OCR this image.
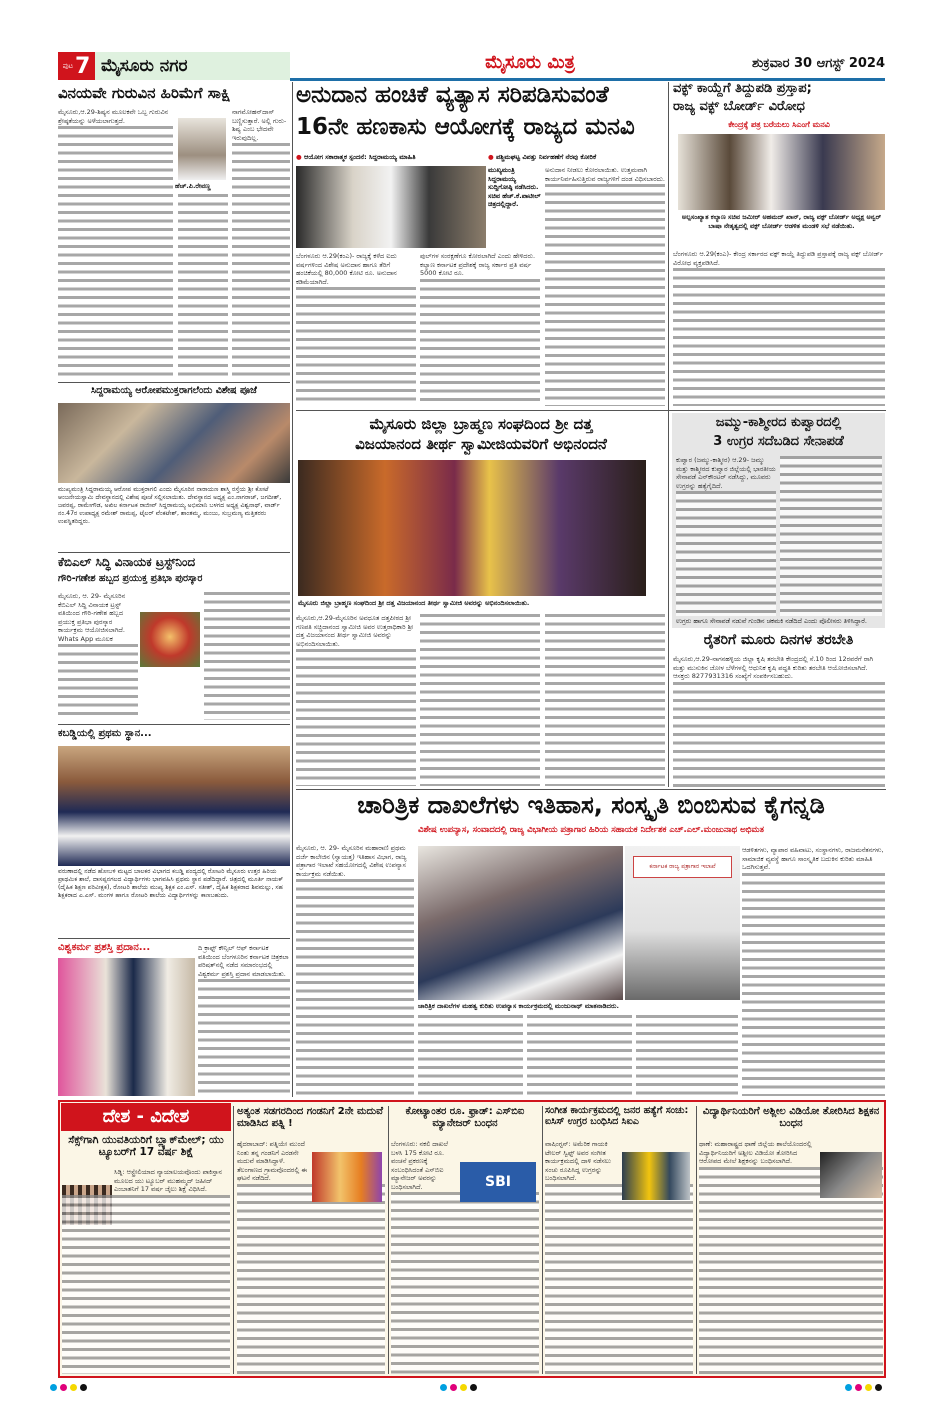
ಪುಟ 7 ಮೈಸೂರು ನಗರ	ಮೈಸೂರು ಮಿತ್ರ	ಶುಕ್ರವಾರ 30 ಆಗಸ್ಟ್ 2024
ವಿನಯವೇ ಗುರುವಿನ ಹಿರಿಮೆಗೆ ಸಾಕ್ಷಿ

ಮೈಸೂರು,ಆ.29-ಶಿಷ್ಯನ ಮೂಲಕವೇ ಒಬ್ಬ ಗುರುವಿನ ಶ್ರೇಷ್ಠತೆಯನ್ನು ಅಳೆಯಲಾಗುತ್ತದೆ.

ಹೆಚ್.ಪಿ.ರೇವಣ್ಣ

ನಾಗಮೋಹನ್‌ದಾಸ್ ಬಣ್ಣಿಸುತ್ತಾರೆ. ಅಲ್ಲಿ ಗುರು-ಶಿಷ್ಯ ಎಂಬ ಭೇದವೇ ಇರುವುದಿಲ್ಲ.

ಸಿದ್ದರಾಮಯ್ಯ ಆರೋಪಮುಕ್ತರಾಗಲೆಂದು ವಿಶೇಷ ಪೂಜೆ
ಮುಖ್ಯಮಂತ್ರಿ ಸಿದ್ದರಾಮಯ್ಯ ಆರೋಪ ಮುಕ್ತರಾಗಲಿ ಎಂದು ಮೈಸೂರಿನ ನಾರಾಯಣ ಶಾಸ್ತ್ರಿ ರಸ್ತೆಯ ಶ್ರೀ ಕೋಟೆ ಆಂಜನೇಯಸ್ವಾಮಿ ದೇವಸ್ಥಾನದಲ್ಲಿ ವಿಶೇಷ ಪೂಜೆ ಸಲ್ಲಿಸಲಾಯಿತು. ದೇವಸ್ಥಾನದ ಅಧ್ಯಕ್ಷ ಎಂ.ನಾಗರಾಜ್, ಜಗದೀಶ್, ಜವರಪ್ಪ, ರಾಮೇಗೌಡ, ಅಖಿಲ ಕರ್ನಾಟಕ ರಾಜೀವ್ ಸಿದ್ದರಾಮಯ್ಯ ಅಭಿಮಾನಿ ಬಳಗದ ಅಧ್ಯಕ್ಷ ವಿಶ್ವನಾಥ್, ವಾರ್ಡ್ ನಂ.47ರ ಉಪಾಧ್ಯಕ್ಷ ರಮೇಶ್ ರಾಮಪ್ಪ, ಟೈಲರ್ ವೆಂಕಟೇಶ್, ಶಾಂತಮ್ಮ, ಮಂಜು, ಸುಬ್ರಮಣ್ಯ ಮತ್ತಿತರರು ಉಪಸ್ಥಿತರಿದ್ದರು.
ಕೆಬಿಎಲ್ ಸಿದ್ಧಿ ವಿನಾಯಕ ಟ್ರಸ್ಟ್‌ನಿಂದ
ಗೌರಿ-ಗಣೇಶ ಹಬ್ಬದ ಪ್ರಯುಕ್ತ ಪ್ರತಿಭಾ ಪುರಸ್ಕಾರ

ಮೈಸೂರು, ಆ. 29- ಮೈಸೂರಿನ ಕೆಬಿಎಲ್ ಸಿದ್ಧಿ ವಿನಾಯಕ ಟ್ರಸ್ಟ್ ವತಿಯಿಂದ ಗೌರಿ-ಗಣೇಶ ಹಬ್ಬದ ಪ್ರಯುಕ್ತ ಪ್ರತಿಭಾ ಪುರಸ್ಕಾರ ಕಾರ್ಯಕ್ರಮ ಆಯೋಜಿಸಲಾಗಿದೆ. Whats App ಮೂಲಕ

ಕಬಡ್ಡಿಯಲ್ಲಿ ಪ್ರಥಮ ಸ್ಥಾನ...
ವರುಣಾದಲ್ಲಿ ನಡೆದ ಹೋಬಳಿ ಮಟ್ಟದ ಬಾಲಕರ ವಿಭಾಗದ ಕಬಡ್ಡಿ ಪಂದ್ಯದಲ್ಲಿ ರೋಟರಿ ಮೈಸೂರು ಉತ್ತರ ಹಿರಿಯ ಪ್ರಾಥಮಿಕ ಶಾಲೆ, ದಾಸಪ್ಪನಗಲದ ವಿದ್ಯಾರ್ಥಿಗಳು ಭಾಗವಹಿಸಿ ಪ್ರಥಮ ಸ್ಥಾನ ಪಡೆದಿದ್ದಾರೆ. ಚಿತ್ರದಲ್ಲಿ ಮೂರ್ತಿ ನಾಯಕ್ (ದೈಹಿಕ ಶಿಕ್ಷಣ ಪರಿವೀಕ್ಷಕ), ರೋಟರಿ ಶಾಲೆಯ ಮುಖ್ಯ ಶಿಕ್ಷಕ ಎಂ.ಎಸ್. ಸತೀಶ್, ದೈಹಿಕ ಶಿಕ್ಷಕರಾದ ಶಿವಮಲ್ಲು, ಸಹ ಶಿಕ್ಷಕರಾದ ಎ.ಎಸ್. ಮಂಗಳ ಹಾಗೂ ರೋಟರಿ ಶಾಲೆಯ ವಿದ್ಯಾರ್ಥಿಗಳನ್ನು ಕಾಣಬಹುದು.
ವಿಶ್ವಕರ್ಮ ಪ್ರಶಸ್ತಿ ಪ್ರದಾನ...	ದಿ ಕ್ರಾಫ್ಟ್ ಕೌನ್ಸಿಲ್ ಆಫ್ ಕರ್ನಾಟಕ ವತಿಯಿಂದ ಬೆಂಗಳೂರಿನ ಕರ್ನಾಟಕ ಚಿತ್ರಕಲಾ ಪರಿಷತ್‌ನಲ್ಲಿ ನಡೆದ ಸಮಾರಂಭದಲ್ಲಿ ವಿಶ್ವಕರ್ಮ ಪ್ರಶಸ್ತಿ ಪ್ರದಾನ ಮಾಡಲಾಯಿತು.

ಅನುದಾನ ಹಂಚಿಕೆ ವ್ಯತ್ಯಾಸ ಸರಿಪಡಿಸುವಂತೆ
16ನೇ ಹಣಕಾಸು ಆಯೋಗಕ್ಕೆ ರಾಜ್ಯದ ಮನವಿ
● ಆಯೋಗ ಸಕಾರಾತ್ಮಕ ಸ್ಪಂದನೆ: ಸಿದ್ದರಾಮಯ್ಯ ಮಾಹಿತಿ	● ಪಶ್ಚಿಮಘಟ್ಟ ವಿಪತ್ತು ನಿರ್ವಹಣೆಗೆ ನೆರವು ಕೋರಿಕೆ
ಮುಖ್ಯಮಂತ್ರಿ ಸಿದ್ದರಾಮಯ್ಯ ಸುದ್ದಿಗೋಷ್ಠಿ ನಡೆಸಿದರು. ಸಚಿವ ಹೆಚ್.ಕೆ.ಪಾಟೀಲ್ ಚಿತ್ರದಲ್ಲಿದ್ದಾರೆ.

ಬೆಂಗಳೂರು ಆ.29(ಕಂಎ)- ರಾಜ್ಯಕ್ಕೆ ಕಳೆದ ಐದು ವರ್ಷಗಳಿಂದ ವಿಶೇಷ ಅನುದಾನ ಹಾಗೂ ತೆರಿಗೆ ಹಂಚಿಕೆಯಲ್ಲಿ 80,000 ಕೋಟಿ ರೂ. ಅನುದಾನ ಕಡಿಮೆಯಾಗಿದೆ.

ಪುಲ್‌ಗಳ ಸಂರಕ್ಷಣೆಗೂ ಕೋರಲಾಗಿದೆ ಎಂದು ಹೇಳಿದರು. ಕಲ್ಯಾಣ ಕರ್ನಾಟಕ ಪ್ರದೇಶಕ್ಕೆ ರಾಜ್ಯ ಸರ್ಕಾರ ಪ್ರತಿ ವರ್ಷ 5000 ಕೋಟಿ ರೂ.

ಅನುದಾನ ನೀಡಲು ಕೋರಲಾಯಿತು. ಉತ್ತಮವಾಗಿ ಕಾರ್ಯನಿರ್ವಹಿಸುತ್ತಿರುವ ರಾಜ್ಯಗಳಿಗೆ ದಂಡ ವಿಧಿಸಬಾರದು.

ಮೈಸೂರು ಜಿಲ್ಲಾ ಬ್ರಾಹ್ಮಣ ಸಂಘದಿಂದ ಶ್ರೀ ದತ್ತ
ವಿಜಯಾನಂದ ತೀರ್ಥ ಸ್ವಾಮೀಜಿಯವರಿಗೆ ಅಭಿನಂದನೆ
ಮೈಸೂರು ಜಿಲ್ಲಾ ಬ್ರಾಹ್ಮಣ ಸಂಘದಿಂದ ಶ್ರೀ ದತ್ತ ವಿಜಯಾನಂದ ತೀರ್ಥ ಸ್ವಾಮೀಜಿ ಅವರನ್ನು ಅಭಿನಂದಿಸಲಾಯಿತು.

ಮೈಸೂರು,ಆ.29-ಮೈಸೂರಿನ ಅವಧೂತ ದತ್ತಪೀಠದ ಶ್ರೀ ಗಣಪತಿ ಸಚ್ಚಿದಾನಂದ ಸ್ವಾಮೀಜಿ ಅವರ ಉತ್ತರಾಧಿಕಾರಿ ಶ್ರೀ ದತ್ತ ವಿಜಯಾನಂದ ತೀರ್ಥ ಸ್ವಾಮೀಜಿ ಅವರನ್ನು ಅಭಿನಂದಿಸಲಾಯಿತು.

ವಕ್ಫ್ ಕಾಯ್ದೆಗೆ ತಿದ್ದುಪಡಿ ಪ್ರಸ್ತಾಪ;
ರಾಜ್ಯ ವಕ್ಫ್ ಬೋರ್ಡ್ ವಿರೋಧ
ಕೇಂದ್ರಕ್ಕೆ ಪತ್ರ ಬರೆಯಲು ಸಿಎಂಗೆ ಮನವಿ
ಅಲ್ಪಸಂಖ್ಯಾತ ಕಲ್ಯಾಣ ಸಚಿವ ಜಮೀರ್ ಅಹಮದ್ ಖಾನ್, ರಾಜ್ಯ ವಕ್ಫ್ ಬೋರ್ಡ್ ಅಧ್ಯಕ್ಷ ಅನ್ವರ್ ಬಾಷಾ ನೇತೃತ್ವದಲ್ಲಿ ವಕ್ಫ್ ಬೋರ್ಡ್ ಆಡಳಿತ ಮಂಡಳಿ ಸಭೆ ನಡೆಯಿತು.

ಬೆಂಗಳೂರು ಆ.29(ಕಂಎ)- ಕೇಂದ್ರ ಸರ್ಕಾರದ ವಕ್ಫ್ ಕಾಯ್ದೆ ತಿದ್ದುಪಡಿ ಪ್ರಸ್ತಾಪಕ್ಕೆ ರಾಜ್ಯ ವಕ್ಫ್ ಬೋರ್ಡ್ ವಿರೋಧ ವ್ಯಕ್ತಪಡಿಸಿದೆ.

ಜಮ್ಮು-ಕಾಶ್ಮೀರದ ಕುಪ್ವಾರದಲ್ಲಿ
3 ಉಗ್ರರ ಸದೆಬಡಿದ ಸೇನಾಪಡೆ

ಕುಪ್ವಾರ (ಜಮ್ಮು-ಕಾಶ್ಮೀರ) ಆ.29- ಜಮ್ಮು ಮತ್ತು ಕಾಶ್ಮೀರದ ಕುಪ್ವಾರ ಜಿಲ್ಲೆಯಲ್ಲಿ ಭಾರತೀಯ ಸೇನಾಪಡೆ ಎನ್‌ಕೌಂಟರ್ ನಡೆಸಿದ್ದು, ಮೂವರು ಉಗ್ರರನ್ನು ಹತ್ಯೆಗೈದಿದೆ.

ಉಗ್ರರು ಹಾಗೂ ಸೇನಾಪಡೆ ನಡುವೆ ಗುಂಡಿನ ಚಕಮಕಿ ನಡೆದಿದೆ ಎಂದು ಪೊಲೀಸರು ತಿಳಿಸಿದ್ದಾರೆ.
ರೈತರಿಗೆ ಮೂರು ದಿನಗಳ ತರಬೇತಿ

ಮೈಸೂರು,ಆ.29-ನಾಗನಹಳ್ಳಿಯ ಜಿಲ್ಲಾ ಕೃಷಿ ತರಬೇತಿ ಕೇಂದ್ರದಲ್ಲಿ ಸೆ.10 ರಿಂದ 12ರವರೆಗೆ ರಾಗಿ ಮತ್ತು ಮುಸುಕಿನ ಜೋಳ ಬೆಳೆಗಳಲ್ಲಿ ಆಧುನಿಕ ಕೃಷಿ ಪದ್ಧತಿ ಕುರಿತು ತರಬೇತಿ ಆಯೋಜಿಸಲಾಗಿದೆ. ಆಸಕ್ತರು 8277931316 ಸಂಖ್ಯೆಗೆ ಸಂಪರ್ಕಿಸಬಹುದು.

ಚಾರಿತ್ರಿಕ ದಾಖಲೆಗಳು ಇತಿಹಾಸ, ಸಂಸ್ಕೃತಿ ಬಿಂಬಿಸುವ ಕೈಗನ್ನಡಿ
ವಿಶೇಷ ಉಪನ್ಯಾಸ, ಸಂವಾದದಲ್ಲಿ ರಾಜ್ಯ ವಿಭಾಗೀಯ ಪತ್ರಾಗಾರ ಹಿರಿಯ ಸಹಾಯಕ ನಿರ್ದೇಶಕ ಎಚ್.ಎಲ್.ಮಂಜುನಾಥ ಅಭಿಮತ

ಮೈಸೂರು, ಆ. 29- ಮೈಸೂರಿನ ಮಹಾರಾಣಿ ಪ್ರಥಮ ದರ್ಜೆ ಕಾಲೇಜಿನ (ಸ್ವಾಯತ್ತ) ಇತಿಹಾಸ ವಿಭಾಗ, ರಾಜ್ಯ ಪತ್ರಾಗಾರ ಇಲಾಖೆ ಸಹಯೋಗದಲ್ಲಿ ವಿಶೇಷ ಉಪನ್ಯಾಸ ಕಾರ್ಯಕ್ರಮ ನಡೆಯಿತು.

ಕರ್ನಾಟಕ ರಾಜ್ಯ ಪತ್ರಾಗಾರ ಇಲಾಖೆ
ಚಾರಿತ್ರಿಕ ದಾಖಲೆಗಳ ಮಹತ್ವ ಕುರಿತು ಉಪನ್ಯಾಸ ಕಾರ್ಯಕ್ರಮದಲ್ಲಿ ಮಂಜುನಾಥ್ ಮಾತನಾಡಿದರು.

ಆಡಳಿತಗಳು, ವ್ಯಾಪಾರ ವಹಿವಾಟು, ಸಂಸ್ಥಾನಗಳು, ರಾಜಮನೆತನಗಳು, ಸಾಮಾಜಿಕ ವ್ಯವಸ್ಥೆ ಹಾಗೂ ಸಾಂಸ್ಕೃತಿಕ ಬದುಕಿನ ಕುರಿತು ಮಾಹಿತಿ ಒದಗಿಸುತ್ತವೆ.

ದೇಶ - ವಿದೇಶ
ಸೆಕ್ಸ್‌ಗಾಗಿ ಯುವತಿಯರಿಗೆ ಬ್ಲ್ಯಾಕ್‌ಮೇಲ್; ಯು ಟ್ಯೂಬರ್‌ಗೆ 17 ವರ್ಷ ಶಿಕ್ಷೆ

ಸಿಡ್ನಿ: ಆಸ್ಟ್ರೇಲಿಯಾದ ನ್ಯಾಯಾಲಯವೊಂದು ಪಾಕಿಸ್ತಾನ ಮೂಲದ ಯು ಟ್ಯೂಬರ್ ಮುಹಮ್ಮದ್ ಜಹೀದ್ ಎಂಬಾತನಿಗೆ 17 ವರ್ಷ ಜೈಲು ಶಿಕ್ಷೆ ವಿಧಿಸಿದೆ.

ಅತ್ಯಂತ ಸಡಗರದಿಂದ ಗಂಡನಿಗೆ 2ನೇ ಮದುವೆ ಮಾಡಿಸಿದ ಪತ್ನಿ !

ಹೈದರಾಬಾದ್: ಪತ್ನಿಯೇ ಮುಂದೆ ನಿಂತು ತನ್ನ ಗಂಡನಿಗೆ ಎರಡನೇ ಮದುವೆ ಮಾಡಿಸಿದ್ದಾಳೆ. ತೆಲಂಗಾಣದ ಗ್ರಾಮವೊಂದರಲ್ಲಿ ಈ ಘಟನೆ ನಡೆದಿದೆ.

ಕೋಟ್ಯಾಂತರ ರೂ. ಫ್ರಾಡ್: ಎಸ್‌ಬಿಐ ಮ್ಯಾನೇಜರ್ ಬಂಧನ

ಬೆಂಗಳೂರು: ನಕಲಿ ದಾಖಲೆ ಬಳಸಿ 175 ಕೋಟಿ ರೂ. ವಂಚನೆ ಪ್ರಕರಣಕ್ಕೆ ಸಂಬಂಧಿಸಿದಂತೆ ಎಸ್‌ಬಿಐ ಮ್ಯಾನೇಜರ್ ಅವರನ್ನು ಬಂಧಿಸಲಾಗಿದೆ.	SBI
ಸಂಗೀತ ಕಾರ್ಯಕ್ರಮದಲ್ಲಿ ಜನರ ಹತ್ಯೆಗೆ ಸಂಚು: ಐಸಿಸ್ ಉಗ್ರರ ಬಂಧಿಸಿದ ಸಿಐಎ

ವಾಷಿಂಗ್ಟನ್: ಅಮೆರಿಕ ಗಾಯಕಿ ಟೇಲರ್ ಸ್ವಿಫ್ಟ್ ಅವರ ಸಂಗೀತ ಕಾರ್ಯಕ್ರಮದಲ್ಲಿ ದಾಳಿ ನಡೆಸಲು ಸಂಚು ರೂಪಿಸಿದ್ದ ಉಗ್ರರನ್ನು ಬಂಧಿಸಲಾಗಿದೆ.

ವಿದ್ಯಾರ್ಥಿನಿಯರಿಗೆ ಅಶ್ಲೀಲ ವಿಡಿಯೋ ತೋರಿಸಿದ ಶಿಕ್ಷಕನ ಬಂಧನ

ಥಾಣೆ: ಮಹಾರಾಷ್ಟ್ರದ ಥಾಣೆ ಜಿಲ್ಲೆಯ ಶಾಲೆಯೊಂದರಲ್ಲಿ ವಿದ್ಯಾರ್ಥಿನಿಯರಿಗೆ ಅಶ್ಲೀಲ ವಿಡಿಯೋ ತೋರಿಸಿದ ಆರೋಪದ ಮೇಲೆ ಶಿಕ್ಷಕನನ್ನು ಬಂಧಿಸಲಾಗಿದೆ.
